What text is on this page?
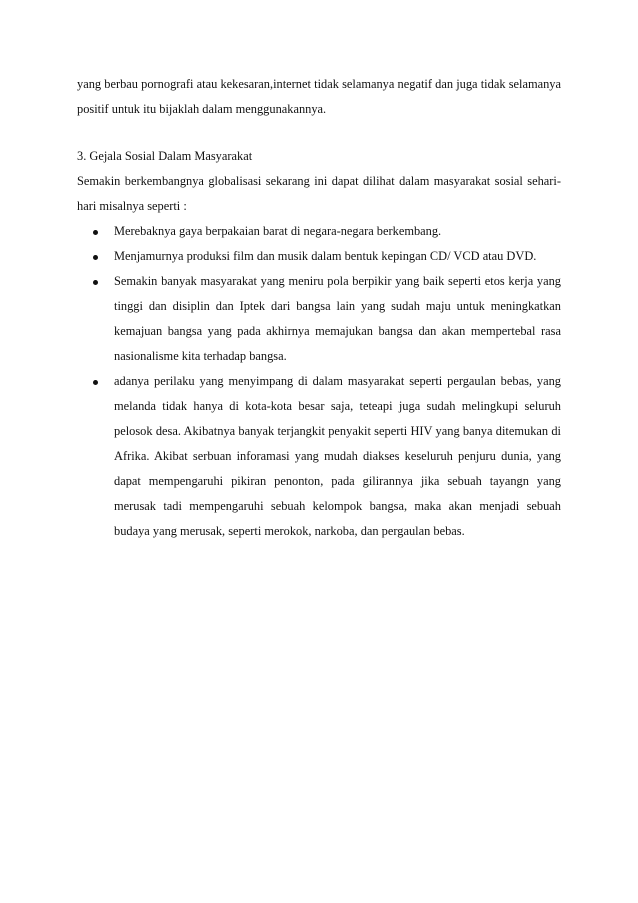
yang berbau pornografi atau kekesaran,internet tidak selamanya negatif dan juga tidak selamanya positif untuk itu bijaklah dalam menggunakannya.

3. Gejala Sosial Dalam Masyarakat

Semakin berkembangnya globalisasi sekarang ini dapat dilihat dalam masyarakat sosial sehari-hari misalnya seperti :

Merebaknya gaya berpakaian barat di negara-negara berkembang.
Menjamurnya produksi film dan musik dalam bentuk kepingan CD/ VCD atau DVD.
Semakin banyak masyarakat yang meniru pola berpikir yang baik seperti etos kerja yang tinggi dan disiplin dan Iptek dari bangsa lain yang sudah maju untuk meningkatkan kemajuan bangsa yang pada akhirnya memajukan bangsa dan akan mempertebal rasa nasionalisme kita terhadap bangsa.
adanya perilaku yang menyimpang di dalam masyarakat seperti pergaulan bebas, yang melanda tidak hanya di kota-kota besar saja, teteapi juga sudah melingkupi seluruh pelosok desa. Akibatnya banyak terjangkit penyakit seperti HIV yang banya ditemukan di Afrika. Akibat serbuan inforamasi yang mudah diakses keseluruh penjuru dunia, yang dapat mempengaruhi pikiran penonton, pada gilirannya jika sebuah tayangn yang merusak tadi mempengaruhi sebuah kelompok bangsa, maka akan menjadi sebuah budaya yang merusak, seperti merokok, narkoba, dan pergaulan bebas.
